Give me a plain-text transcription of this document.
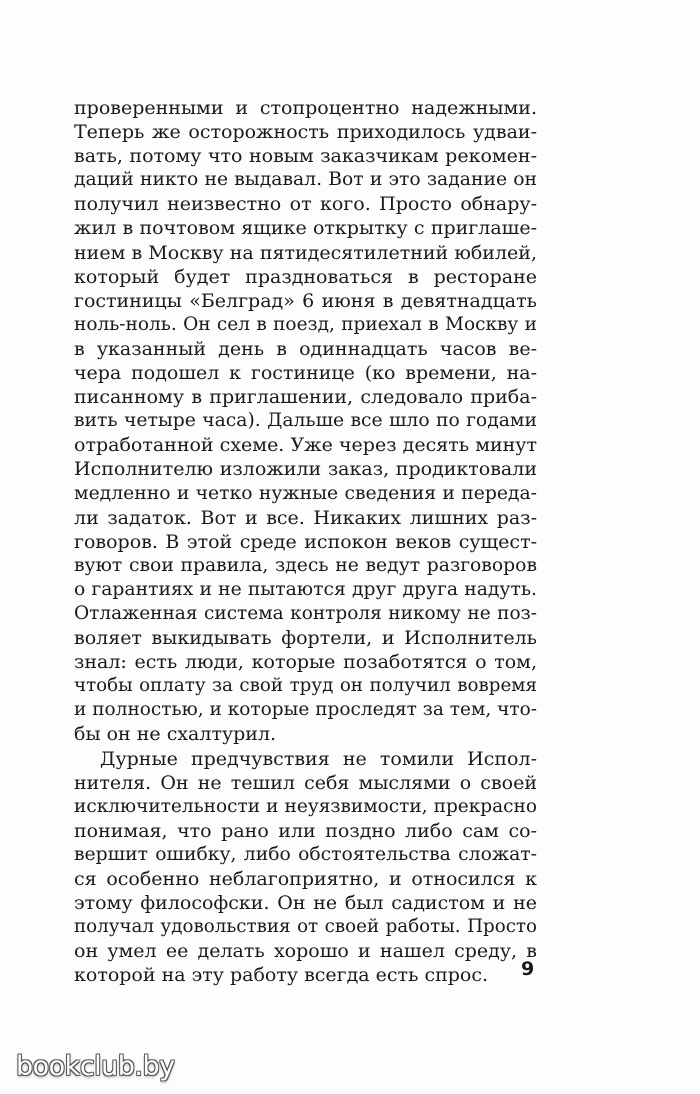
проверенными и стопроцентно надежными.
Теперь же осторожность приходилось удваи-
вать, потому что новым заказчикам рекомен-
даций никто не выдавал. Вот и это задание он
получил неизвестно от кого. Просто обнару-
жил в почтовом ящике открытку с приглаше-
нием в Москву на пятидесятилетний юбилей,
который будет праздноваться в ресторане
гостиницы «Белград» 6 июня в девятнадцать
ноль-ноль. Он сел в поезд, приехал в Москву и
в указанный день в одиннадцать часов ве-
чера подошел к гостинице (ко времени, на-
писанному в приглашении, следовало приба-
вить четыре часа). Дальше все шло по годами
отработанной схеме. Уже через десять минут
Исполнителю изложили заказ, продиктовали
медленно и четко нужные сведения и переда-
ли задаток. Вот и все. Никаких лишних раз-
говоров. В этой среде испокон веков сущест-
вуют свои правила, здесь не ведут разговоров
о гарантиях и не пытаются друг друга надуть.
Отлаженная система контроля никому не поз-
воляет выкидывать фортели, и Исполнитель
знал: есть люди, которые позаботятся о том,
чтобы оплату за свой труд он получил вовремя
и полностью, и которые проследят за тем, что-
бы он не схалтурил.
Дурные предчувствия не томили Испол-
нителя. Он не тешил себя мыслями о своей
исключительности и неуязвимости, прекрасно
понимая, что рано или поздно либо сам со-
вершит ошибку, либо обстоятельства сложат-
ся особенно неблагоприятно, и относился к
этому философски. Он не был садистом и не
получал удовольствия от своей работы. Просто
он умел ее делать хорошо и нашел среду, в
которой на эту работу всегда есть спрос.	9
bookclub.by
